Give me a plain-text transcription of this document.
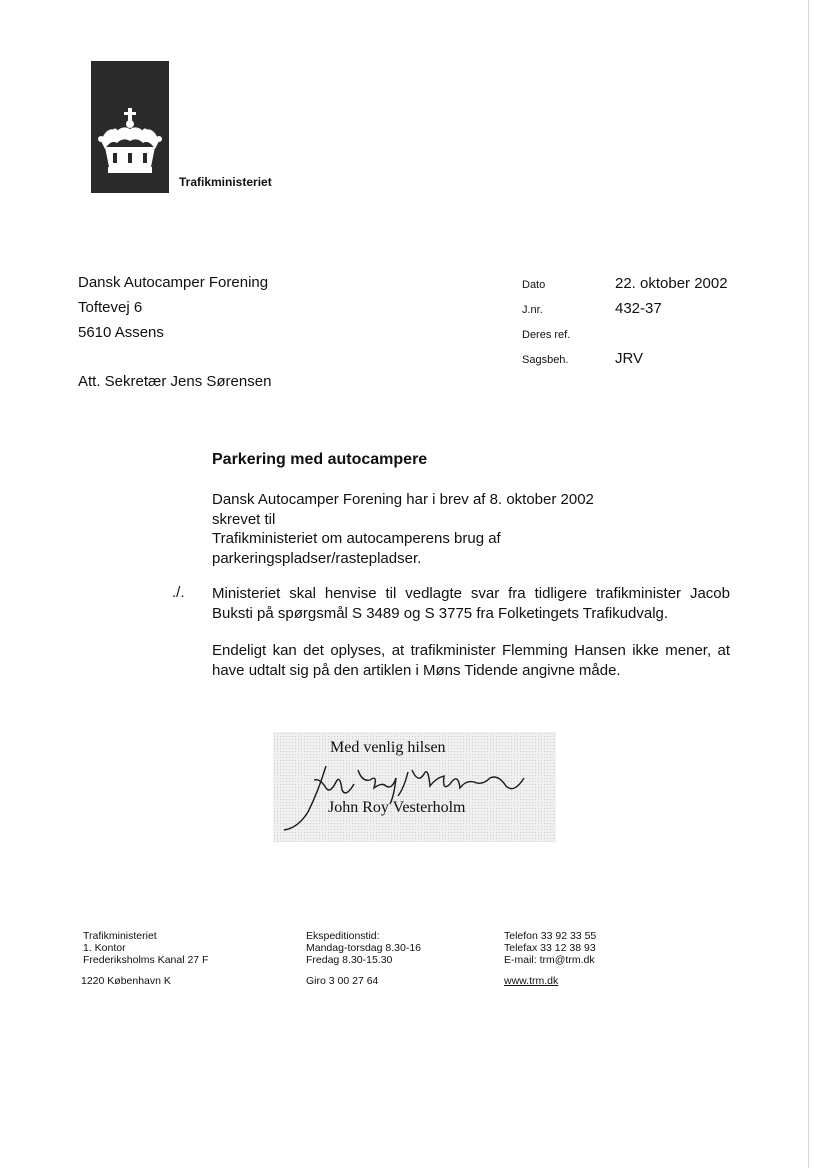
Trafikministeriet
Dansk Autocamper Forening
Toftevej 6
5610 Assens
Dato	22. oktober 2002
J.nr.	432-37
Deres ref.
Sagsbeh.	JRV
Att. Sekretær Jens Sørensen
Parkering med autocampere
Dansk Autocamper Forening har i brev af 8. oktober 2002
skrevet til
Trafikministeriet om autocamperens brug af
parkeringspladser/rastepladser.
./. Ministeriet skal henvise til vedlagte svar fra tidligere trafikminister Jacob Buksti på spørgsmål S 3489 og S 3775 fra Folketingets Trafikudvalg.
Endeligt kan det oplyses, at trafikminister Flemming Hansen ikke mener, at have udtalt sig på den artiklen i Møns Tidende angivne måde.
Med venlig hilsen
John Roy Vesterholm
Trafikministeriet
1. Kontor
Frederiksholms Kanal 27 F
1220 København K
Ekspeditionstid:
Mandag-torsdag 8.30-16
Fredag 8.30-15.30
Giro 3 00 27 64
Telefon 33 92 33 55
Telefax 33 12 38 93
E-mail: trm@trm.dk
www.trm.dk
